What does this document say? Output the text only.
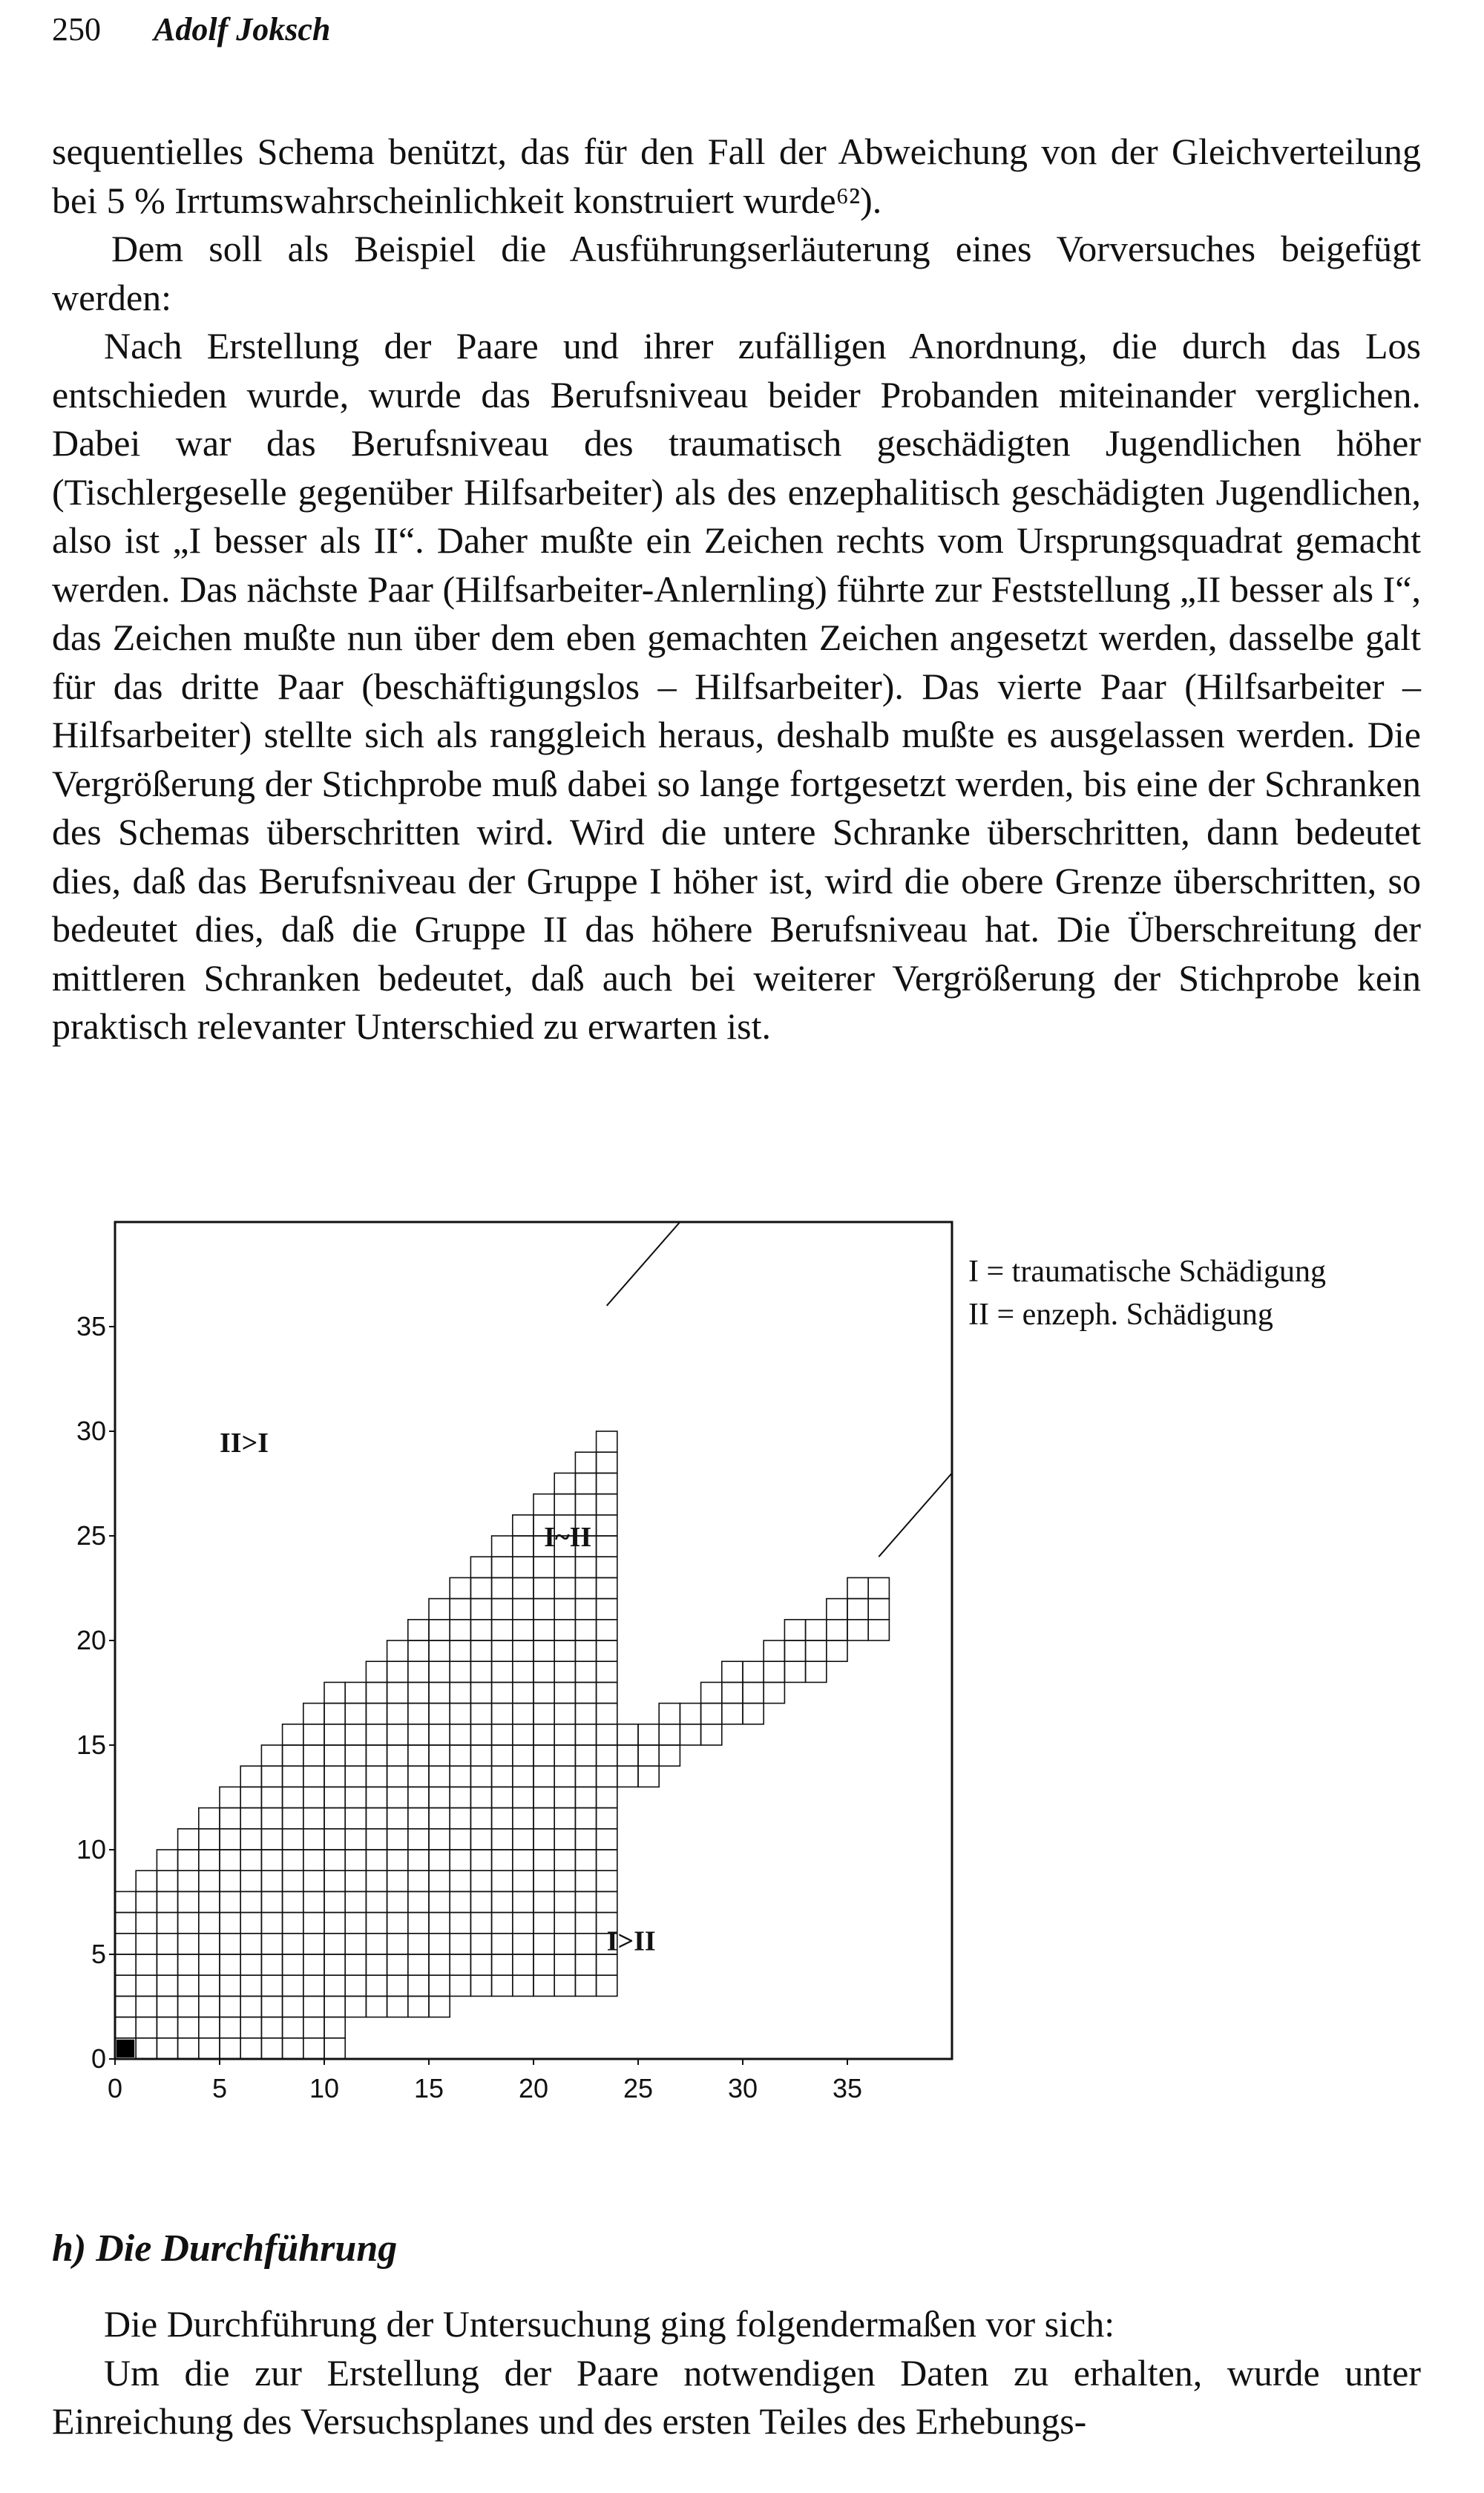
250 Adolf Joksch

sequentielles Schema benützt, das für den Fall der Abweichung von der Gleichverteilung bei 5 % Irrtumswahrscheinlichkeit konstruiert wurde⁶²).

Dem soll als Beispiel die Ausführungserläuterung eines Vorversuches beigefügt werden:

Nach Erstellung der Paare und ihrer zufälligen Anordnung, die durch das Los entschieden wurde, wurde das Berufsniveau beider Probanden miteinander verglichen. Dabei war das Berufsniveau des traumatisch geschädigten Jugendlichen höher (Tischlergeselle gegenüber Hilfsarbeiter) als des enzephalitisch geschädigten Jugendlichen, also ist „I besser als II“. Daher mußte ein Zeichen rechts vom Ursprungsquadrat gemacht werden. Das nächste Paar (Hilfsarbeiter-Anlernling) führte zur Feststellung „II besser als I“, das Zeichen mußte nun über dem eben gemachten Zeichen angesetzt werden, dasselbe galt für das dritte Paar (beschäftigungslos – Hilfsarbeiter). Das vierte Paar (Hilfsarbeiter – Hilfsarbeiter) stellte sich als ranggleich heraus, deshalb mußte es ausgelassen werden. Die Vergrößerung der Stichprobe muß dabei so lange fortgesetzt werden, bis eine der Schranken des Schemas überschritten wird. Wird die untere Schranke überschritten, dann bedeutet dies, daß das Berufsniveau der Gruppe I höher ist, wird die obere Grenze überschritten, so bedeutet dies, daß die Gruppe II das höhere Berufsniveau hat. Die Überschreitung der mittleren Schranken bedeutet, daß auch bei weiterer Vergrößerung der Stichprobe kein praktisch relevanter Unterschied zu erwarten ist.

0	5	10	15	20	25	30	35
0
5
10
15
20
25
30
35
II>I
I~II
I>II
I = traumatische Schädigung
II = enzeph. Schädigung
h) Die Durchführung

Die Durchführung der Untersuchung ging folgendermaßen vor sich:

Um die zur Erstellung der Paare notwendigen Daten zu erhalten, wurde unter Einreichung des Versuchsplanes und des ersten Teiles des Erhebungs-
